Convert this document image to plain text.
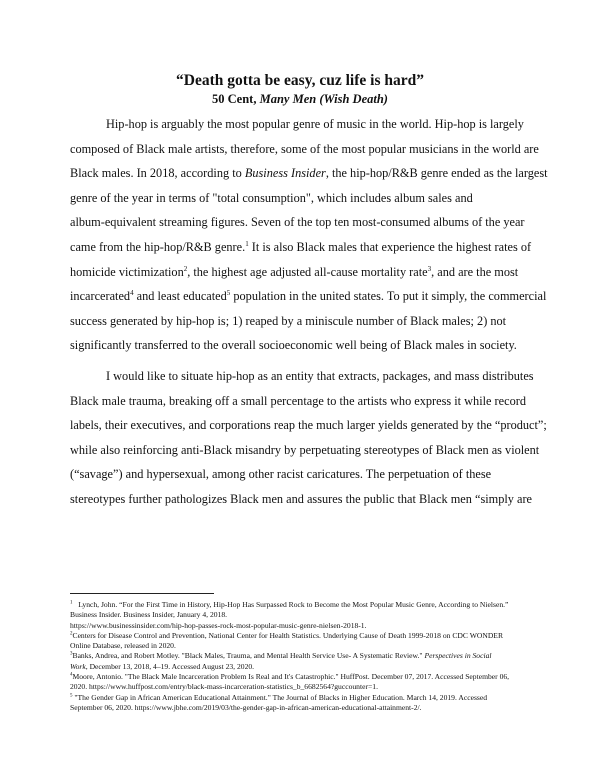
“Death gotta be easy, cuz life is hard”
50 Cent, Many Men (Wish Death)
Hip-hop is arguably the most popular genre of music in the world. Hip-hop is largely
composed of Black male artists, therefore, some of the most popular musicians in the world are
Black males. In 2018, according to Business Insider, the hip-hop/R&B genre ended as the largest
genre of the year in terms of "total consumption", which includes album sales and
album-equivalent streaming figures. Seven of the top ten most-consumed albums of the year
came from the hip-hop/R&B genre.$^1$ It is also Black males that experience the highest rates of
homicide victimization$^2$, the highest age adjusted all-cause mortality rate$^3$, and are the most
incarcerated$^4$ and least educated$^5$ population in the united states. To put it simply, the commercial
success generated by hip-hop is; 1) reaped by a miniscule number of Black males; 2) not
significantly transferred to the overall socioeconomic well being of Black males in society.
I would like to situate hip-hop as an entity that extracts, packages, and mass distributes
Black male trauma, breaking off a small percentage to the artists who express it while record
labels, their executives, and corporations reap the much larger yields generated by the “product”;
while also reinforcing anti-Black misandry by perpetuating stereotypes of Black men as violent
(“savage”) and hypersexual, among other racist caricatures. The perpetuation of these
stereotypes further pathologizes Black men and assures the public that Black men “simply are
$^1$ Lynch, John. “For the First Time in History, Hip-Hop Has Surpassed Rock to Become the Most Popular Music Genre, According to Nielsen.”
Business Insider. Business Insider, January 4, 2018.
https://www.businessinsider.com/hip-hop-passes-rock-most-popular-music-genre-nielsen-2018-1.
$^2$Centers for Disease Control and Prevention, National Center for Health Statistics. Underlying Cause of Death 1999-2018 on CDC WONDER
Online Database, released in 2020.
$^3$Banks, Andrea, and Robert Motley. "Black Males, Trauma, and Mental Health Service Use- A Systematic Review." Perspectives in Social
Work, December 13, 2018, 4–19. Accessed August 23, 2020.
$^4$Moore, Antonio. "The Black Male Incarceration Problem Is Real and It's Catastrophic." HuffPost. December 07, 2017. Accessed September 06,
2020. https://www.huffpost.com/entry/black-mass-incarceration-statistics_b_6682564?guccounter=1.
$^5$ "The Gender Gap in African American Educational Attainment." The Journal of Blacks in Higher Education. March 14, 2019. Accessed
September 06, 2020. https://www.jbhe.com/2019/03/the-gender-gap-in-african-american-educational-attainment-2/.
